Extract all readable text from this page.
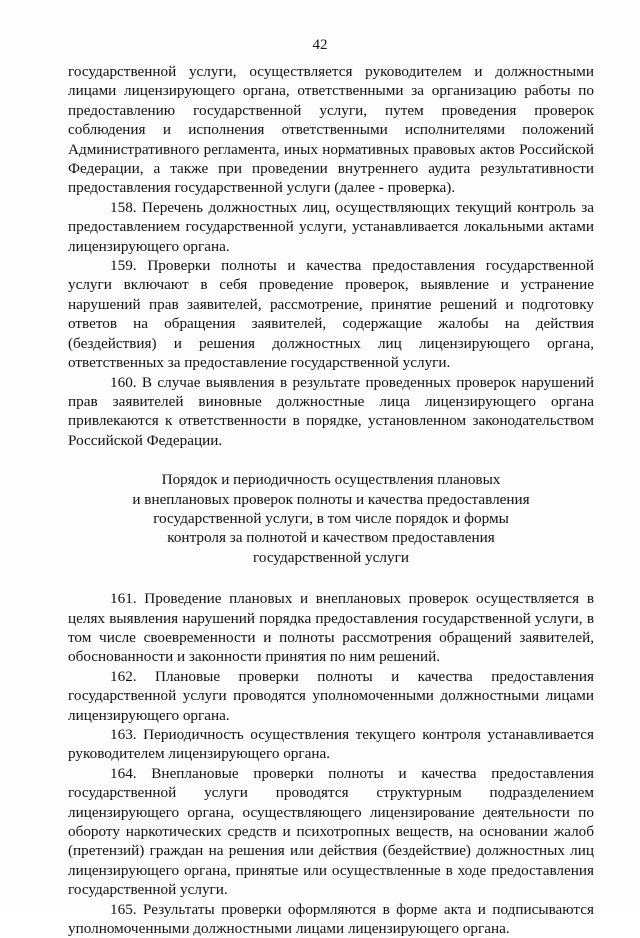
42

государственной услуги, осуществляется руководителем и должностными лицами лицензирующего органа, ответственными за организацию работы по предоставлению государственной услуги, путем проведения проверок соблюдения и исполнения ответственными исполнителями положений Административного регламента, иных нормативных правовых актов Российской Федерации, а также при проведении внутреннего аудита результативности предоставления государственной услуги (далее - проверка).

158. Перечень должностных лиц, осуществляющих текущий контроль за предоставлением государственной услуги, устанавливается локальными актами лицензирующего органа.

159. Проверки полноты и качества предоставления государственной услуги включают в себя проведение проверок, выявление и устранение нарушений прав заявителей, рассмотрение, принятие решений и подготовку ответов на обращения заявителей, содержащие жалобы на действия (бездействия) и решения должностных лиц лицензирующего органа, ответственных за предоставление государственной услуги.

160. В случае выявления в результате проведенных проверок нарушений прав заявителей виновные должностные лица лицензирующего органа привлекаются к ответственности в порядке, установленном законодательством Российской Федерации.

Порядок и периодичность осуществления плановых
и внеплановых проверок полноты и качества предоставления
государственной услуги, в том числе порядок и формы
контроля за полнотой и качеством предоставления
государственной услуги

161. Проведение плановых и внеплановых проверок осуществляется в целях выявления нарушений порядка предоставления государственной услуги, в том числе своевременности и полноты рассмотрения обращений заявителей, обоснованности и законности принятия по ним решений.

162. Плановые проверки полноты и качества предоставления государственной услуги проводятся уполномоченными должностными лицами лицензирующего органа.

163. Периодичность осуществления текущего контроля устанавливается руководителем лицензирующего органа.

164. Внеплановые проверки полноты и качества предоставления государственной услуги проводятся структурным подразделением лицензирующего органа, осуществляющего лицензирование деятельности по обороту наркотических средств и психотропных веществ, на основании жалоб (претензий) граждан на решения или действия (бездействие) должностных лиц лицензирующего органа, принятые или осуществленные в ходе предоставления государственной услуги.

165. Результаты проверки оформляются в форме акта и подписываются уполномоченными должностными лицами лицензирующего органа.
